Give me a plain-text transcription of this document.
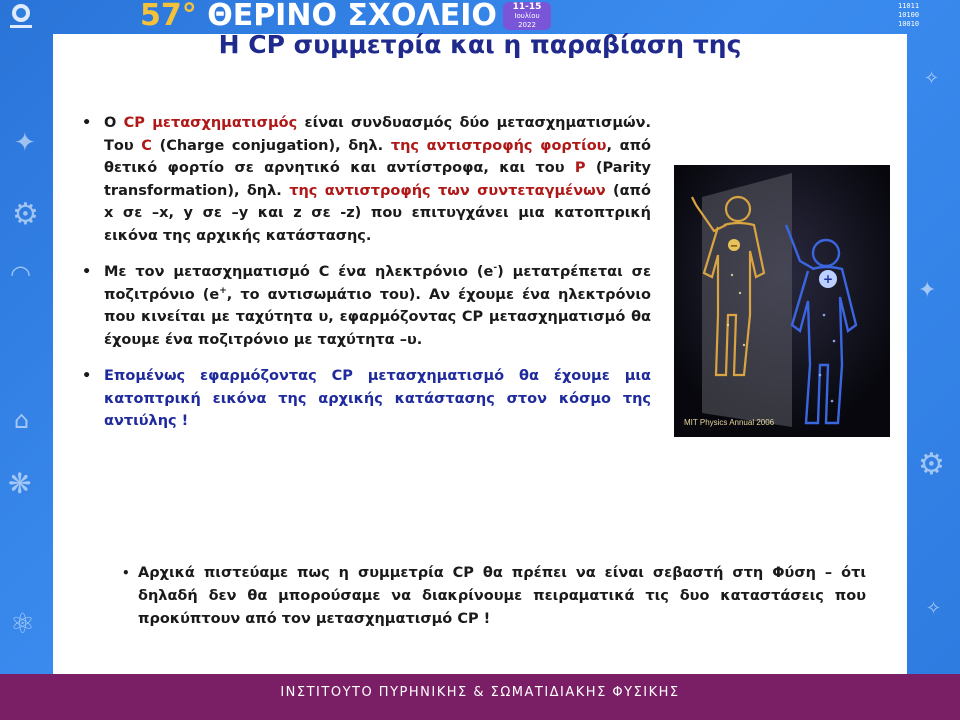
✦
⚙
◠
⌂
❋
⚛
✧
✦
⚙
✧
57° ΘΕΡΙΝΟ ΣΧΟΛΕΙΟ	11-15
Ιουλίου
2022
11011
10100
10010
Η CP συμμετρία και η παραβίαση της
• Ο CP μετασχηματισμός είναι συνδυασμός δύο μετασχηματισμών. Του C (Charge conjugation), δηλ. της αντιστροφής φορτίου, από θετικό φορτίο σε αρνητικό και αντίστροφα, και του P (Parity transformation), δηλ. της αντιστροφής των συντεταγμένων (από x σε –x, y σε –y και z σε -z) που επιτυγχάνει μια κατοπτρική εικόνα της αρχικής κατάστασης.
• Με τον μετασχηματισμό C ένα ηλεκτρόνιο (e-) μετατρέπεται σε ποζιτρόνιο (e+, το αντισωμάτιο του). Αν έχουμε ένα ηλεκτρόνιο που κινείται με ταχύτητα υ, εφαρμόζοντας CP μετασχηματισμό θα έχουμε ένα ποζιτρόνιο με ταχύτητα –υ.
• Επομένως εφαρμόζοντας CP μετασχηματισμό θα έχουμε μια κατοπτρική εικόνα της αρχικής κατάστασης στον κόσμο της αντιύλης !
+
−
MIT Physics Annual 2006
• Αρχικά πιστεύαμε πως η συμμετρία CP θα πρέπει να είναι σεβαστή στη Φύση – ότι δηλαδή δεν θα μπορούσαμε να διακρίνουμε πειραματικά τις δυο καταστάσεις που προκύπτουν από τον μετασχηματισμό CP !
ΙΝΣΤΙΤΟΥΤΟ ΠΥΡΗΝΙΚΗΣ & ΣΩΜΑΤΙΔΙΑΚΗΣ ΦΥΣΙΚΗΣ
